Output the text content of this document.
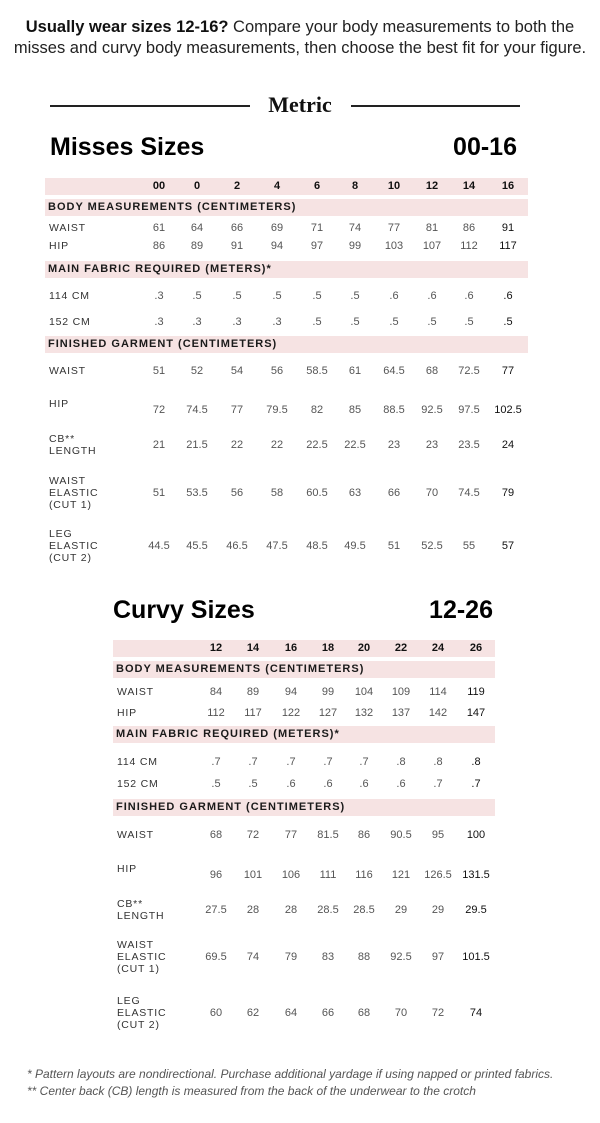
Usually wear sizes 12-16? Compare your body measurements to both the misses and curvy body measurements, then choose the best fit for your figure.
Metric
Misses Sizes	00-16
00	0	2	4	6	8	10	12	14	16
BODY MEASUREMENTS (CENTIMETERS)
WAIST	61	64	66	69	71	74	77	81	86	91
HIP	86	89	91	94	97	99	103	107	112	117
MAIN FABRIC REQUIRED (METERS)*
114 CM	.3	.5	.5	.5	.5	.5	.6	.6	.6	.6
152 CM	.3	.3	.3	.3	.5	.5	.5	.5	.5	.5
FINISHED GARMENT (CENTIMETERS)
WAIST	51	52	54	56	58.5	61	64.5	68	72.5	77
HIP	72	74.5	77	79.5	82	85	88.5	92.5	97.5	102.5
CB**
LENGTH	21	21.5	22	22	22.5	22.5	23	23	23.5	24
WAIST
ELASTIC
(CUT 1)
51	53.5	56	58	60.5	63	66	70	74.5	79
LEG
ELASTIC
(CUT 2)
44.5	45.5	46.5	47.5	48.5	49.5	51	52.5	55	57
Curvy Sizes	12-26
12	14	16	18	20	22	24	26
BODY MEASUREMENTS (CENTIMETERS)
WAIST	84	89	94	99	104	109	114	119
HIP	112	117	122	127	132	137	142	147
MAIN FABRIC REQUIRED (METERS)*
114 CM	.7	.7	.7	.7	.7	.8	.8	.8
152 CM	.5	.5	.6	.6	.6	.6	.7	.7
FINISHED GARMENT (CENTIMETERS)
WAIST	68	72	77	81.5	86	90.5	95	100
HIP	96	101	106	111	116	121	126.5 131.5
CB**
LENGTH	27.5	28	28	28.5	28.5	29	29	29.5
WAIST
ELASTIC
(CUT 1)
69.5	74	79	83	88	92.5	97	101.5
LEG
ELASTIC
(CUT 2)
60	62	64	66	68	70	72	74
* Pattern layouts are nondirectional. Purchase additional yardage if using napped or printed fabrics.
** Center back (CB) length is measured from the back of the underwear to the crotch
